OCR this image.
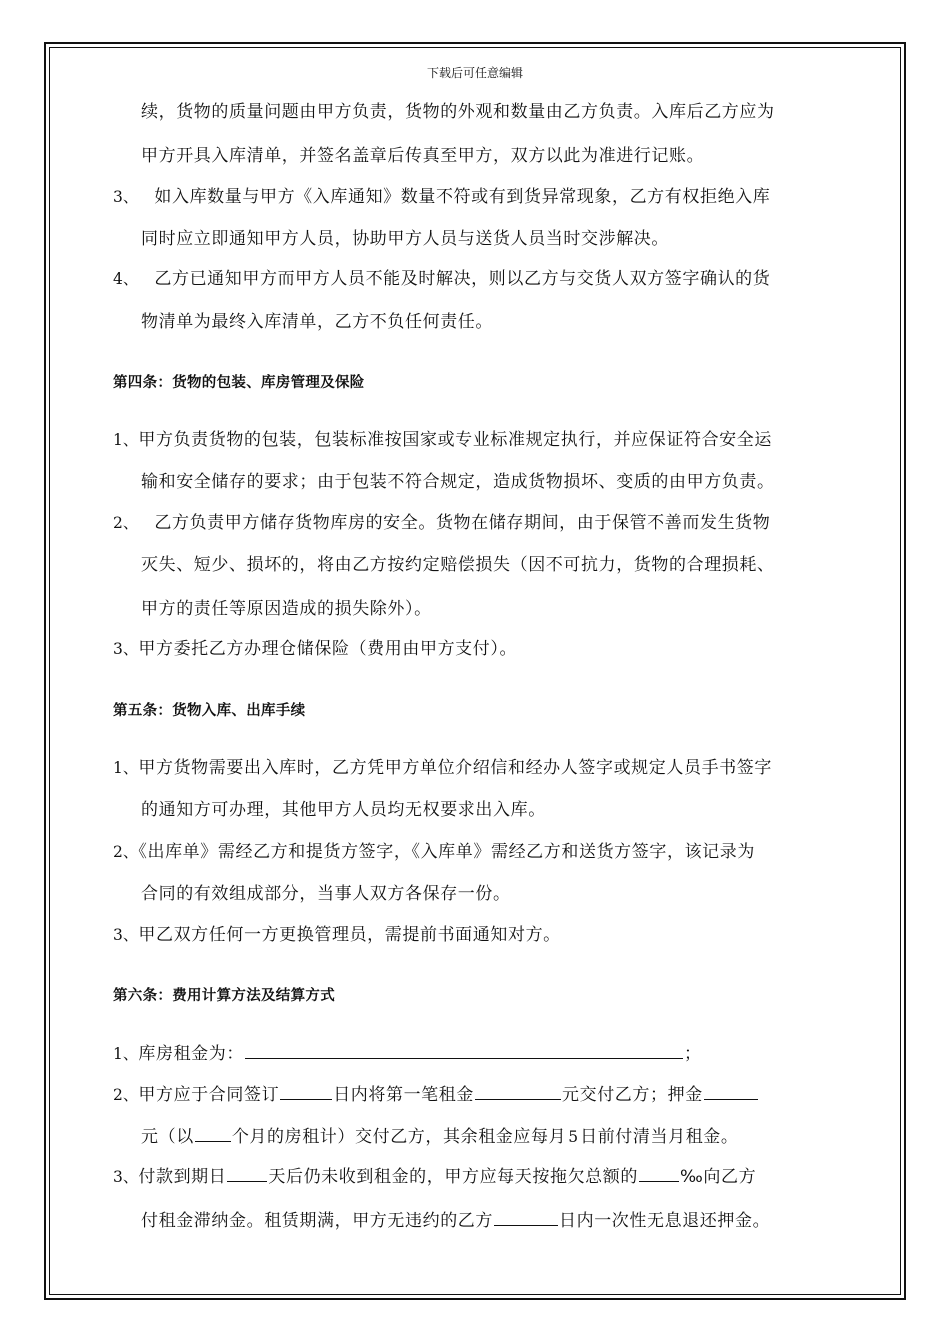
下载后可任意编辑
续，货物的质量问题由甲方负责，货物的外观和数量由乙方负责。入库后乙方应为
甲方开具入库清单，并签名盖章后传真至甲方，双方以此为准进行记账。
3、 如入库数量与甲方《入库通知》数量不符或有到货异常现象，乙方有权拒绝入库
同时应立即通知甲方人员，协助甲方人员与送货人员当时交涉解决。
4、 乙方已通知甲方而甲方人员不能及时解决，则以乙方与交货人双方签字确认的货
物清单为最终入库清单，乙方不负任何责任。
第四条：货物的包装、库房管理及保险
1、甲方负责货物的包装，包装标准按国家或专业标准规定执行，并应保证符合安全运
输和安全储存的要求；由于包装不符合规定，造成货物损坏、变质的由甲方负责。
2、 乙方负责甲方储存货物库房的安全。货物在储存期间，由于保管不善而发生货物
灭失、短少、损坏的，将由乙方按约定赔偿损失（因不可抗力，货物的合理损耗、
甲方的责任等原因造成的损失除外）。
3、甲方委托乙方办理仓储保险（费用由甲方支付）。
第五条：货物入库、出库手续
1、甲方货物需要出入库时，乙方凭甲方单位介绍信和经办人签字或规定人员手书签字
的通知方可办理，其他甲方人员均无权要求出入库。
2、《出库单》需经乙方和提货方签字，《入库单》需经乙方和送货方签字，该记录为
合同的有效组成部分，当事人双方各保存一份。
3、甲乙双方任何一方更换管理员，需提前书面通知对方。
第六条：费用计算方法及结算方式
1、库房租金为：	；
2、甲方应于合同签订	日内将第一笔租金	元交付乙方；押金
元（以 个月的房租计）交付乙方，其余租金应每月 5 日前付清当月租金。
3、付款到期日 天后仍未收到租金的，甲方应每天按拖欠总额的 ‰向乙方
付租金滞纳金。租赁期满，甲方无违约的乙方	日内一次性无息退还押金。
